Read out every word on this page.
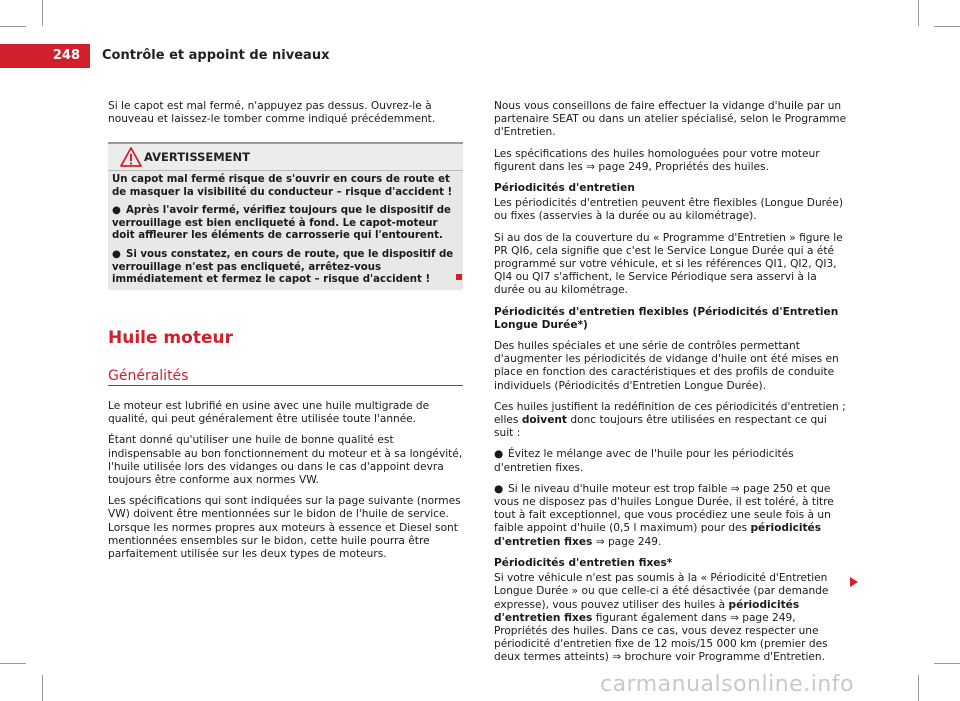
248	Contrôle et appoint de niveaux

Si le capot est mal fermé, n'appuyez pas dessus. Ouvrez-le à nouveau et laissez-le tomber comme indiqué précédemment.

AVERTISSEMENT

Un capot mal fermé risque de s'ouvrir en cours de route et de masquer la visibilité du conducteur – risque d'accident !

● Après l'avoir fermé, vérifiez toujours que le dispositif de verrouillage est bien encliqueté à fond. Le capot-moteur doit affleurer les éléments de carrosserie qui l'entourent.

● Si vous constatez, en cours de route, que le dispositif de verrouillage n'est pas encliqueté, arrêtez-vous immédiatement et fermez le capot – risque d'accident !

Huile moteur
Généralités

Le moteur est lubrifié en usine avec une huile multigrade de qualité, qui peut généralement être utilisée toute l'année.

Étant donné qu'utiliser une huile de bonne qualité est indispensable au bon fonctionnement du moteur et à sa longévité, l'huile utilisée lors des vidanges ou dans le cas d'appoint devra toujours être conforme aux normes VW.

Les spécifications qui sont indiquées sur la page suivante (normes VW) doivent être mentionnées sur le bidon de l'huile de service. Lorsque les normes propres aux moteurs à essence et Diesel sont mentionnées ensembles sur le bidon, cette huile pourra être parfaitement utilisée sur les deux types de moteurs.

Nous vous conseillons de faire effectuer la vidange d'huile par un partenaire SEAT ou dans un atelier spécialisé, selon le Programme d'Entretien.

Les spécifications des huiles homologuées pour votre moteur figurent dans les ⇒ page 249, Propriétés des huiles.

Périodicités d'entretien

Les périodicités d'entretien peuvent être flexibles (Longue Durée) ou fixes (asservies à la durée ou au kilométrage).

Si au dos de la couverture du « Programme d'Entretien » figure le PR QI6, cela signifie que c'est le Service Longue Durée qui a été programmé sur votre véhicule, et si les références QI1, QI2, QI3, QI4 ou QI7 s'affichent, le Service Périodique sera asservi à la durée ou au kilométrage.

Périodicités d'entretien flexibles (Périodicités d'Entretien Longue Durée*)

Des huiles spéciales et une série de contrôles permettant d'augmenter les périodicités de vidange d'huile ont été mises en place en fonction des caractéristiques et des profils de conduite individuels (Périodicités d'Entretien Longue Durée).

Ces huiles justifient la redéfinition de ces périodicités d'entretien ; elles doivent donc toujours être utilisées en respectant ce qui suit :

● Évitez le mélange avec de l'huile pour les périodicités d'entretien fixes.

● Si le niveau d'huile moteur est trop faible ⇒ page 250 et que vous ne disposez pas d'huiles Longue Durée, il est toléré, à titre tout à fait exceptionnel, que vous procédiez une seule fois à un faible appoint d'huile (0,5 l maximum) pour des périodicités d'entretien fixes ⇒ page 249.

Périodicités d'entretien fixes*

Si votre véhicule n'est pas soumis à la « Périodicité d'Entretien Longue Durée » ou que celle-ci a été désactivée (par demande expresse), vous pouvez utiliser des huiles à périodicités d'entretien fixes figurant également dans ⇒ page 249, Propriétés des huiles. Dans ce cas, vous devez respecter une périodicité d'entretien fixe de 12 mois/15 000 km (premier des deux termes atteints) ⇒ brochure voir Programme d'Entretien.

carmanualsonline.info
